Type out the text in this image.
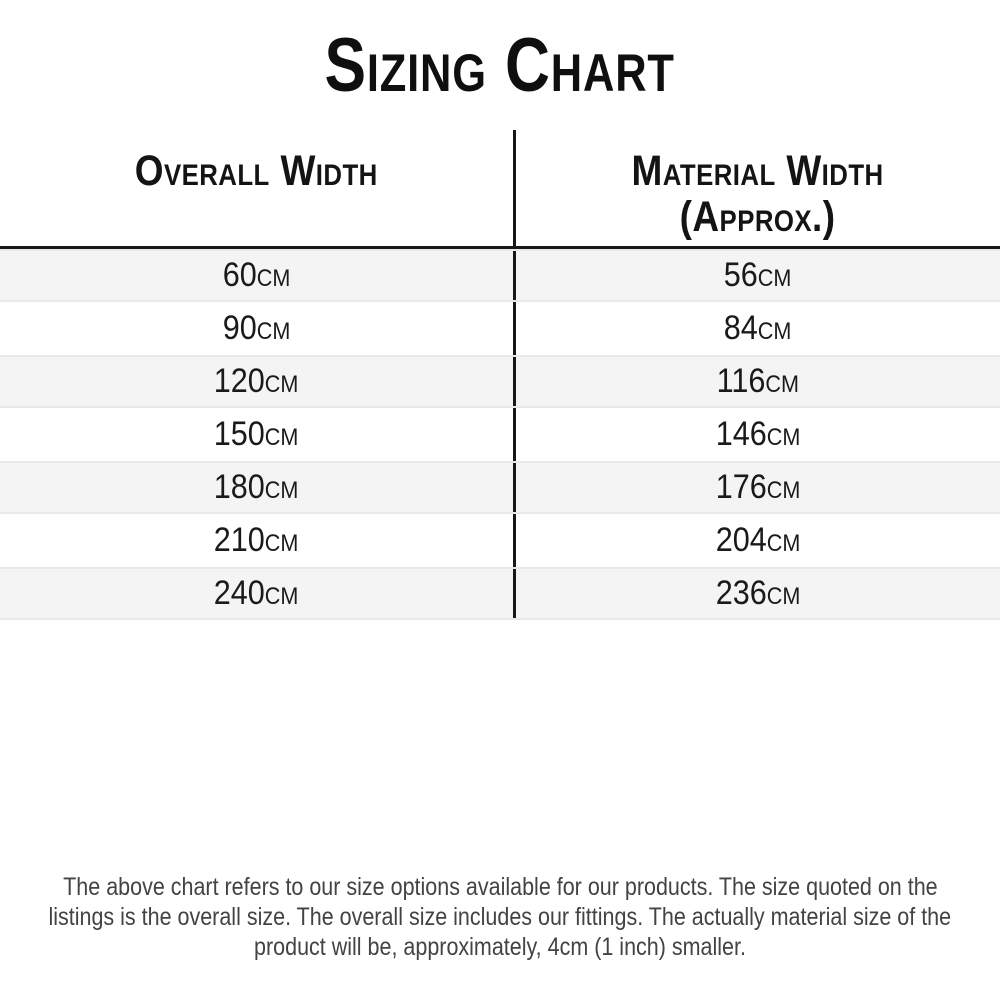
Sizing Chart
Overall Width	Material Width
(Approx.)
60cm	56cm
90cm	84cm
120cm	116cm
150cm	146cm
180cm	176cm
210cm	204cm
240cm	236cm
The above chart refers to our size options available for our products. The size quoted on the
listings is the overall size. The overall size includes our fittings. The actually material size of the
product will be, approximately, 4cm (1 inch) smaller.
